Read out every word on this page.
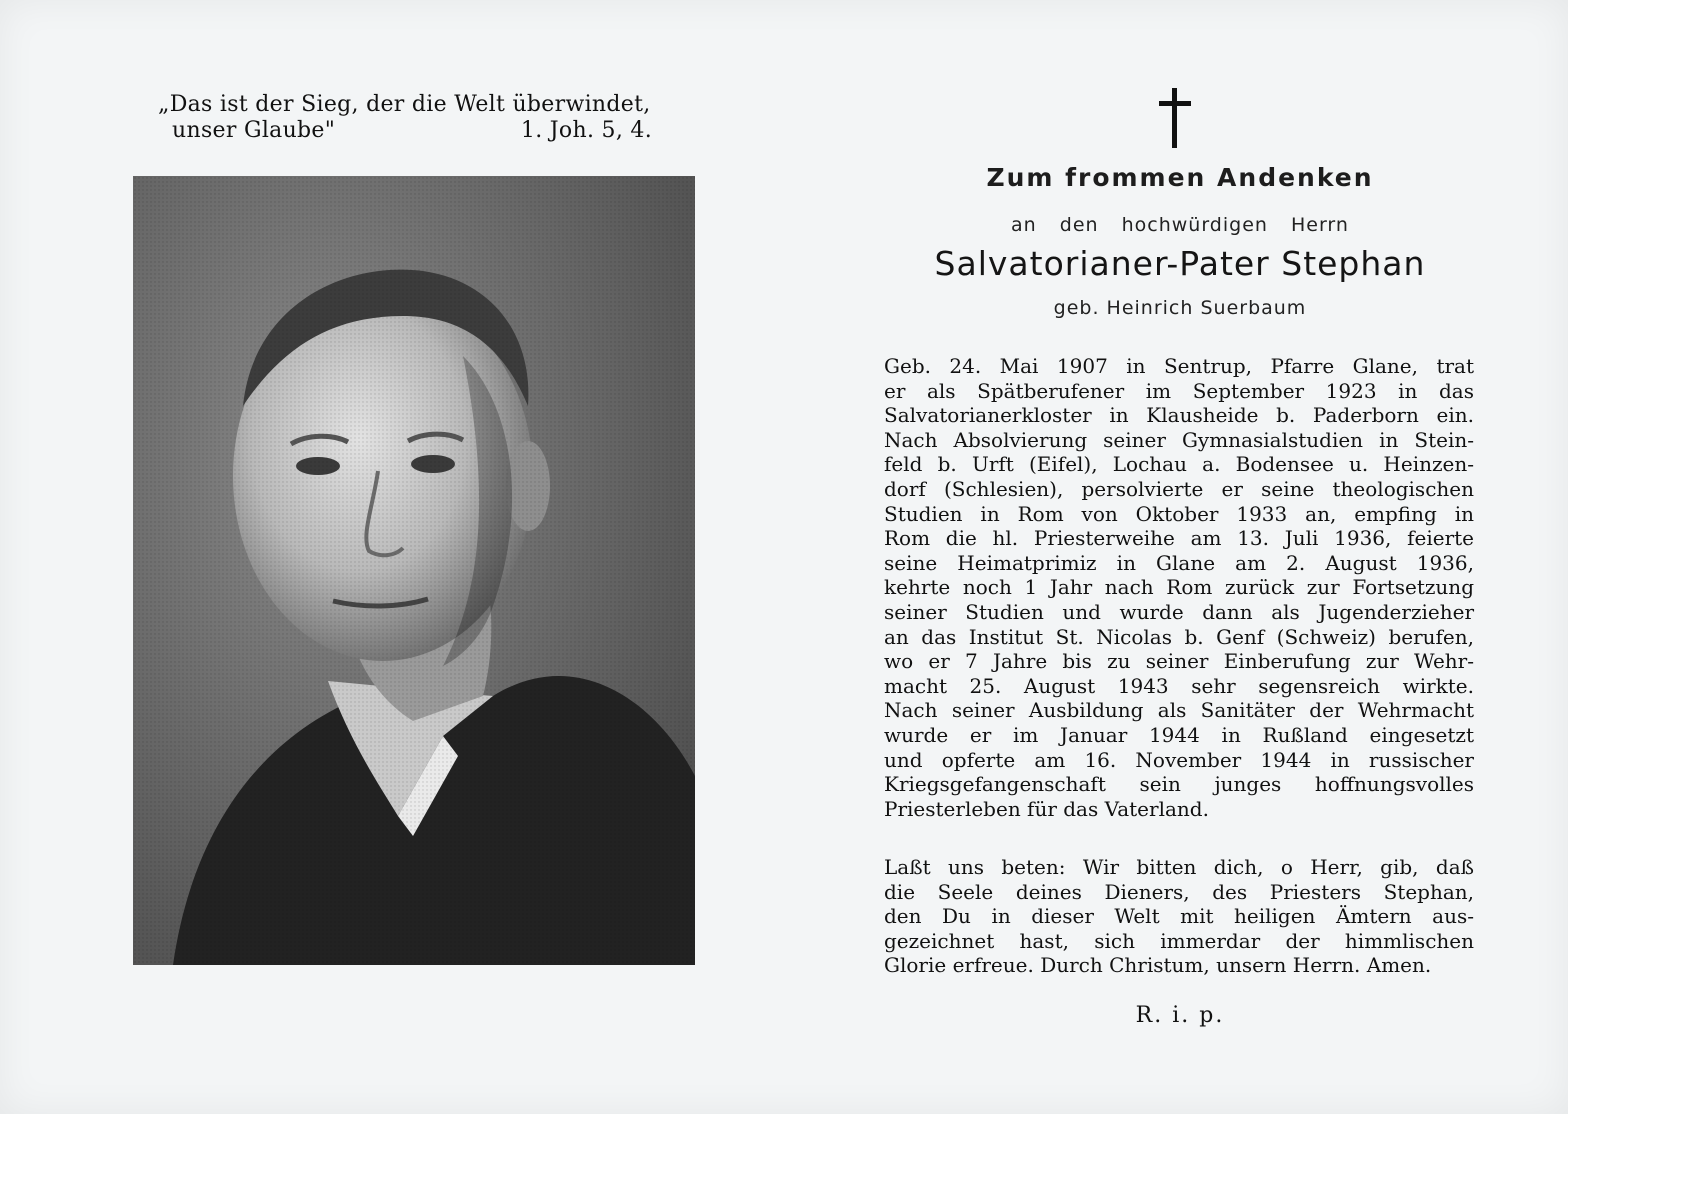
„Das ist der Sieg, der die Welt überwindet,
unser Glaube"	1. Joh. 5, 4.
Zum frommen Andenken
an den hochwürdigen Herrn
Salvatorianer-Pater Stephan
geb. Heinrich Suerbaum
Geb. 24. Mai 1907 in Sentrup, Pfarre Glane, trat
er als Spätberufener im September 1923 in das
Salvatorianerkloster in Klausheide b. Paderborn ein.
Nach Absolvierung seiner Gymnasialstudien in Stein-
feld b. Urft (Eifel), Lochau a. Bodensee u. Heinzen-
dorf (Schlesien), persolvierte er seine theologischen
Studien in Rom von Oktober 1933 an, empfing in
Rom die hl. Priesterweihe am 13. Juli 1936, feierte
seine Heimatprimiz in Glane am 2. August 1936,
kehrte noch 1 Jahr nach Rom zurück zur Fortsetzung
seiner Studien und wurde dann als Jugenderzieher
an das Institut St. Nicolas b. Genf (Schweiz) berufen,
wo er 7 Jahre bis zu seiner Einberufung zur Wehr-
macht 25. August 1943 sehr segensreich wirkte.
Nach seiner Ausbildung als Sanitäter der Wehrmacht
wurde er im Januar 1944 in Rußland eingesetzt
und opferte am 16. November 1944 in russischer
Kriegsgefangenschaft sein junges hoffnungsvolles
Priesterleben für das Vaterland.
Laßt uns beten: Wir bitten dich, o Herr, gib, daß
die Seele deines Dieners, des Priesters Stephan,
den Du in dieser Welt mit heiligen Ämtern aus-
gezeichnet hast, sich immerdar der himmlischen
Glorie erfreue. Durch Christum, unsern Herrn. Amen.
R. i. p.
